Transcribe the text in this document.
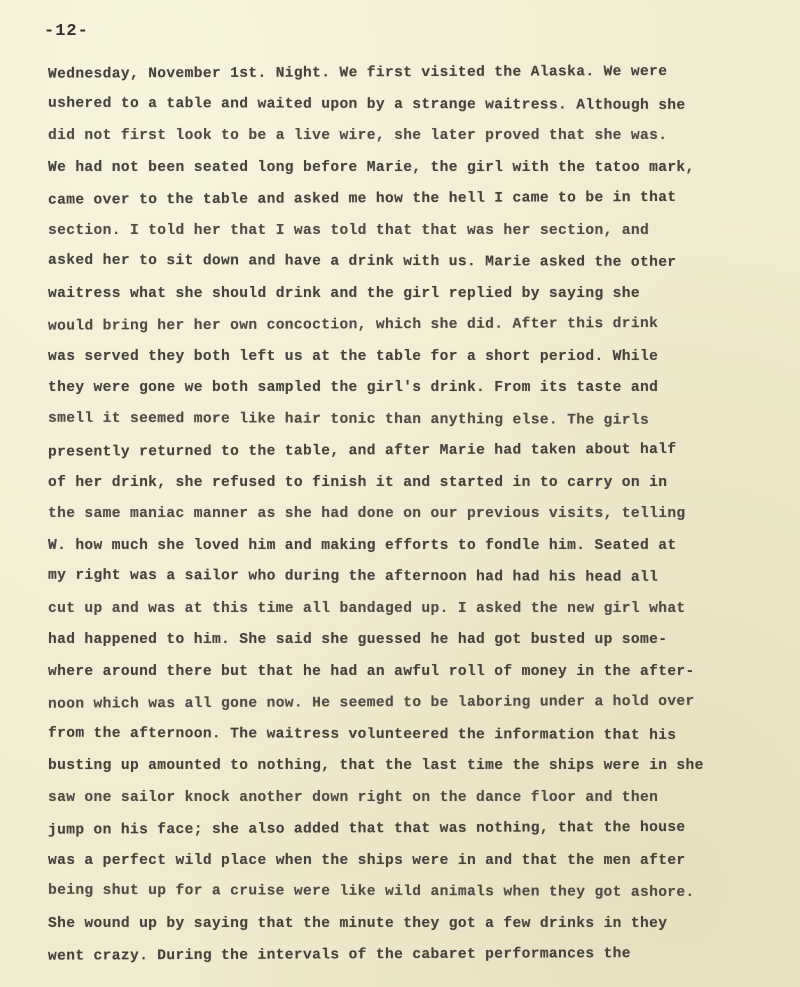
-12-
Wednesday, November 1st. Night. We first visited the Alaska. We were
ushered to a table and waited upon by a strange waitress. Although she
did not first look to be a live wire, she later proved that she was.
We had not been seated long before Marie, the girl with the tatoo mark,
came over to the table and asked me how the hell I came to be in that
section. I told her that I was told that that was her section, and
asked her to sit down and have a drink with us. Marie asked the other
waitress what she should drink and the girl replied by saying she
would bring her her own concoction, which she did. After this drink
was served they both left us at the table for a short period. While
they were gone we both sampled the girl's drink. From its taste and
smell it seemed more like hair tonic than anything else. The girls
presently returned to the table, and after Marie had taken about half
of her drink, she refused to finish it and started in to carry on in
the same maniac manner as she had done on our previous visits, telling
W. how much she loved him and making efforts to fondle him. Seated at
my right was a sailor who during the afternoon had had his head all
cut up and was at this time all bandaged up. I asked the new girl what
had happened to him. She said she guessed he had got busted up some-
where around there but that he had an awful roll of money in the after-
noon which was all gone now. He seemed to be laboring under a hold over
from the afternoon. The waitress volunteered the information that his
busting up amounted to nothing, that the last time the ships were in she
saw one sailor knock another down right on the dance floor and then
jump on his face; she also added that that was nothing, that the house
was a perfect wild place when the ships were in and that the men after
being shut up for a cruise were like wild animals when they got ashore.
She wound up by saying that the minute they got a few drinks in they
went crazy. During the intervals of the cabaret performances the
